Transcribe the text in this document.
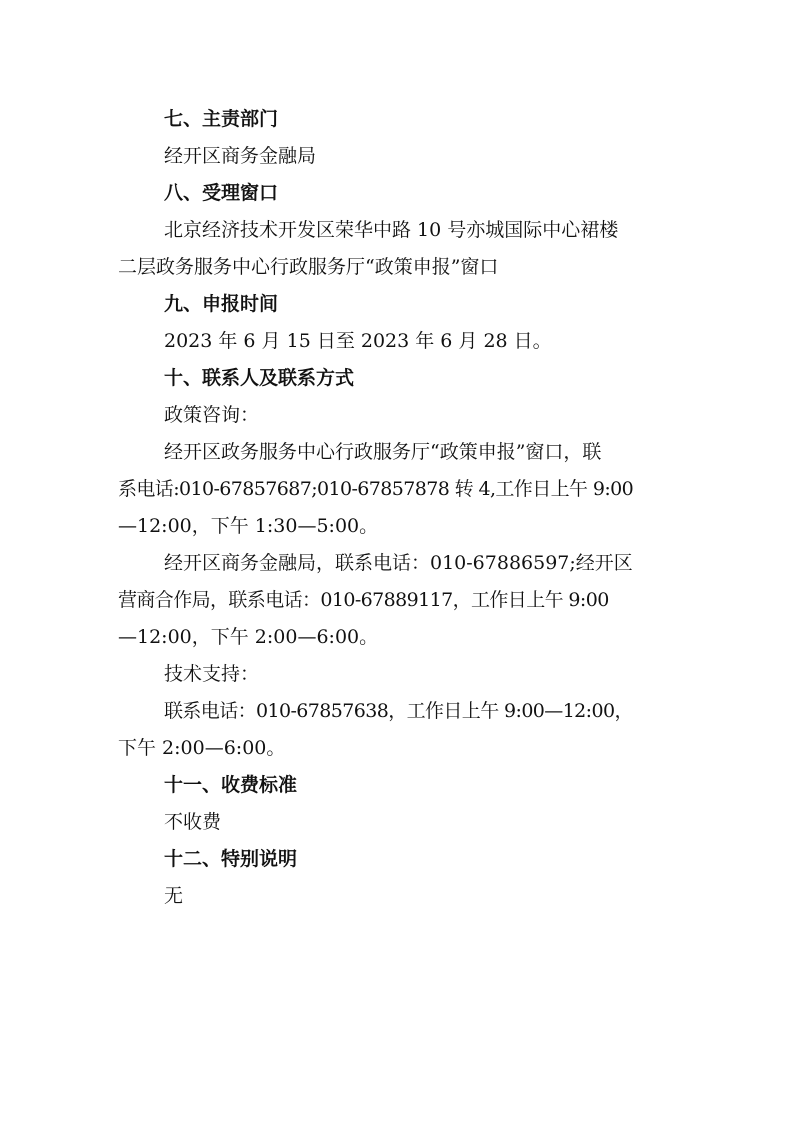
七、主责部门
经开区商务金融局
八、受理窗口
北京经济技术开发区荣华中路 10 号亦城国际中心裙楼
二层政务服务中心行政服务厅“政策申报”窗口
九、申报时间
2023 年 6 月 15 日至 2023 年 6 月 28 日。
十、联系人及联系方式
政策咨询：
经开区政务服务中心行政服务厅“政策申报”窗口，联
系电话:010-67857687;010-67857878 转 4,工作日上午 9:00
—12:00，下午 1:30—5:00。
经开区商务金融局，联系电话：010-67886597;经开区
营商合作局，联系电话：010-67889117，工作日上午 9:00
—12:00，下午 2:00—6:00。
技术支持：
联系电话：010-67857638，工作日上午 9:00—12:00，
下午 2:00—6:00。
十一、收费标准
不收费
十二、特别说明
无
